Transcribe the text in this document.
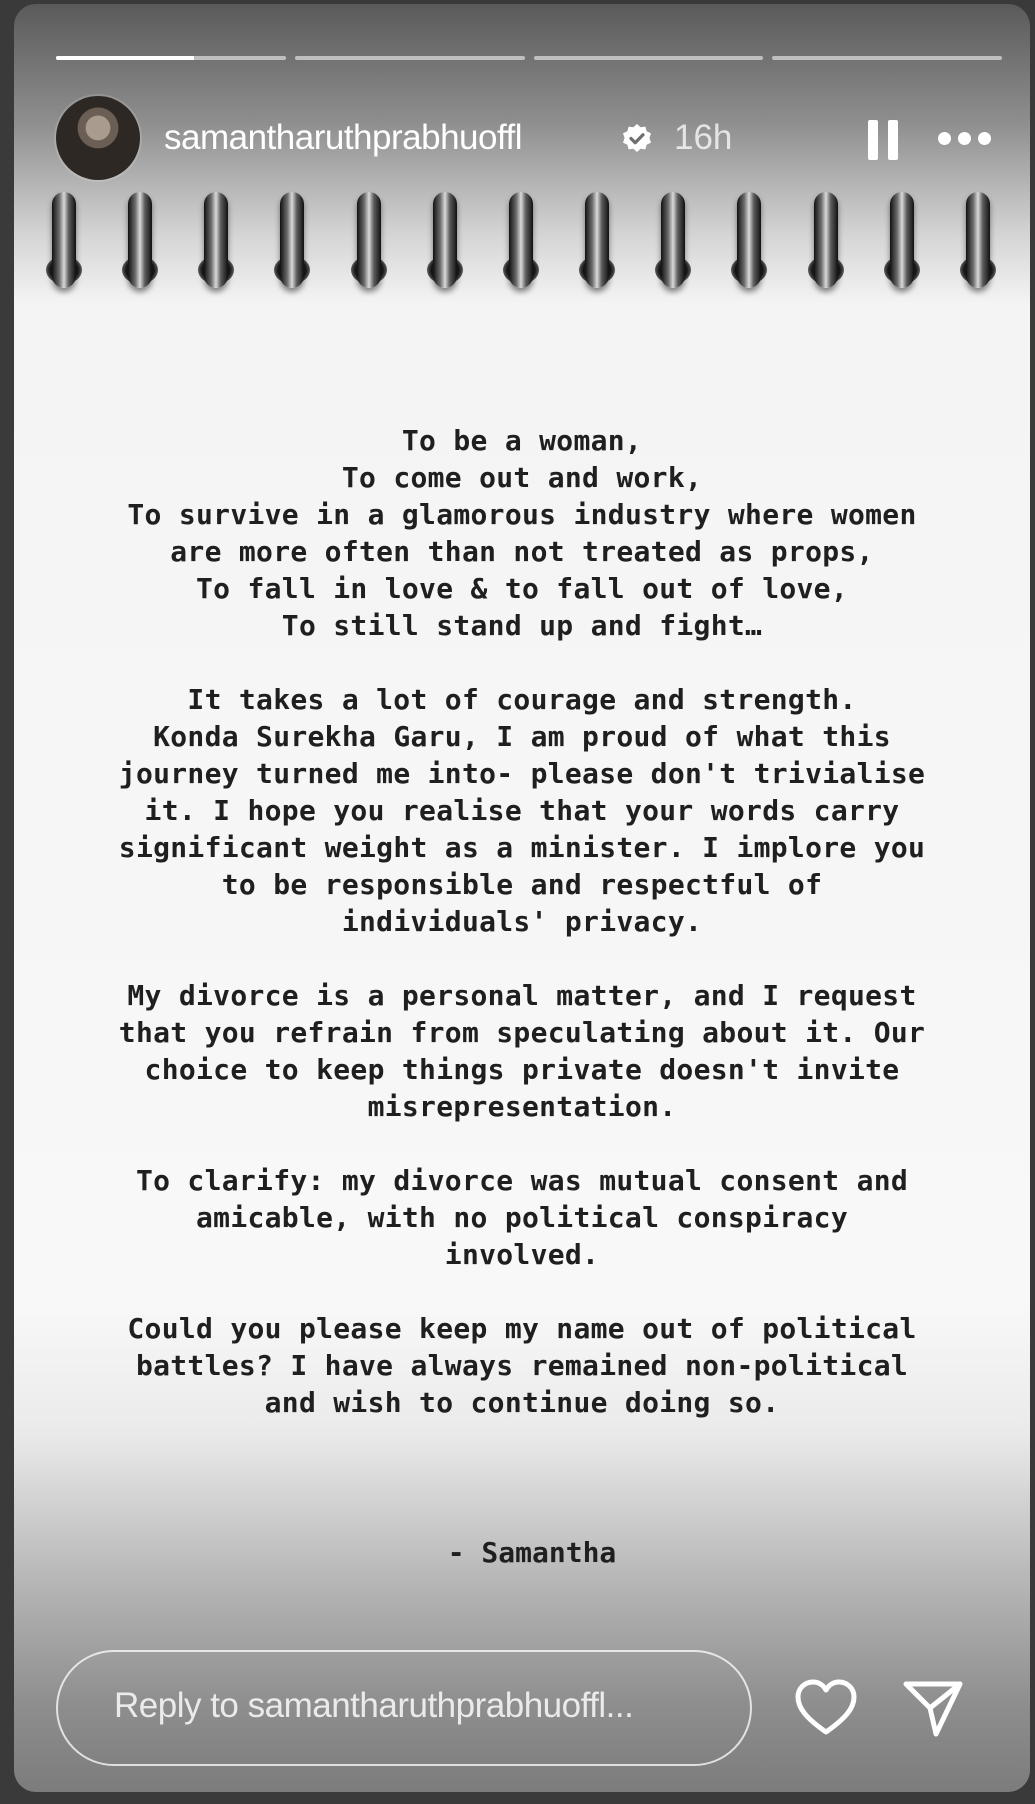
samantharuthprabhuoffl	16h

To be a woman,
To come out and work,
To survive in a glamorous industry where women
are more often than not treated as props,
To fall in love & to fall out of love,
To still stand up and fight…

It takes a lot of courage and strength.
Konda Surekha Garu, I am proud of what this
journey turned me into- please don't trivialise
it. I hope you realise that your words carry
significant weight as a minister. I implore you
to be responsible and respectful of
individuals' privacy.

My divorce is a personal matter, and I request
that you refrain from speculating about it. Our
choice to keep things private doesn't invite
misrepresentation.

To clarify: my divorce was mutual consent and
amicable, with no political conspiracy
involved.

Could you please keep my name out of political
battles? I have always remained non-political
and wish to continue doing so.

- Samantha
Reply to samantharuthprabhuoffl...
